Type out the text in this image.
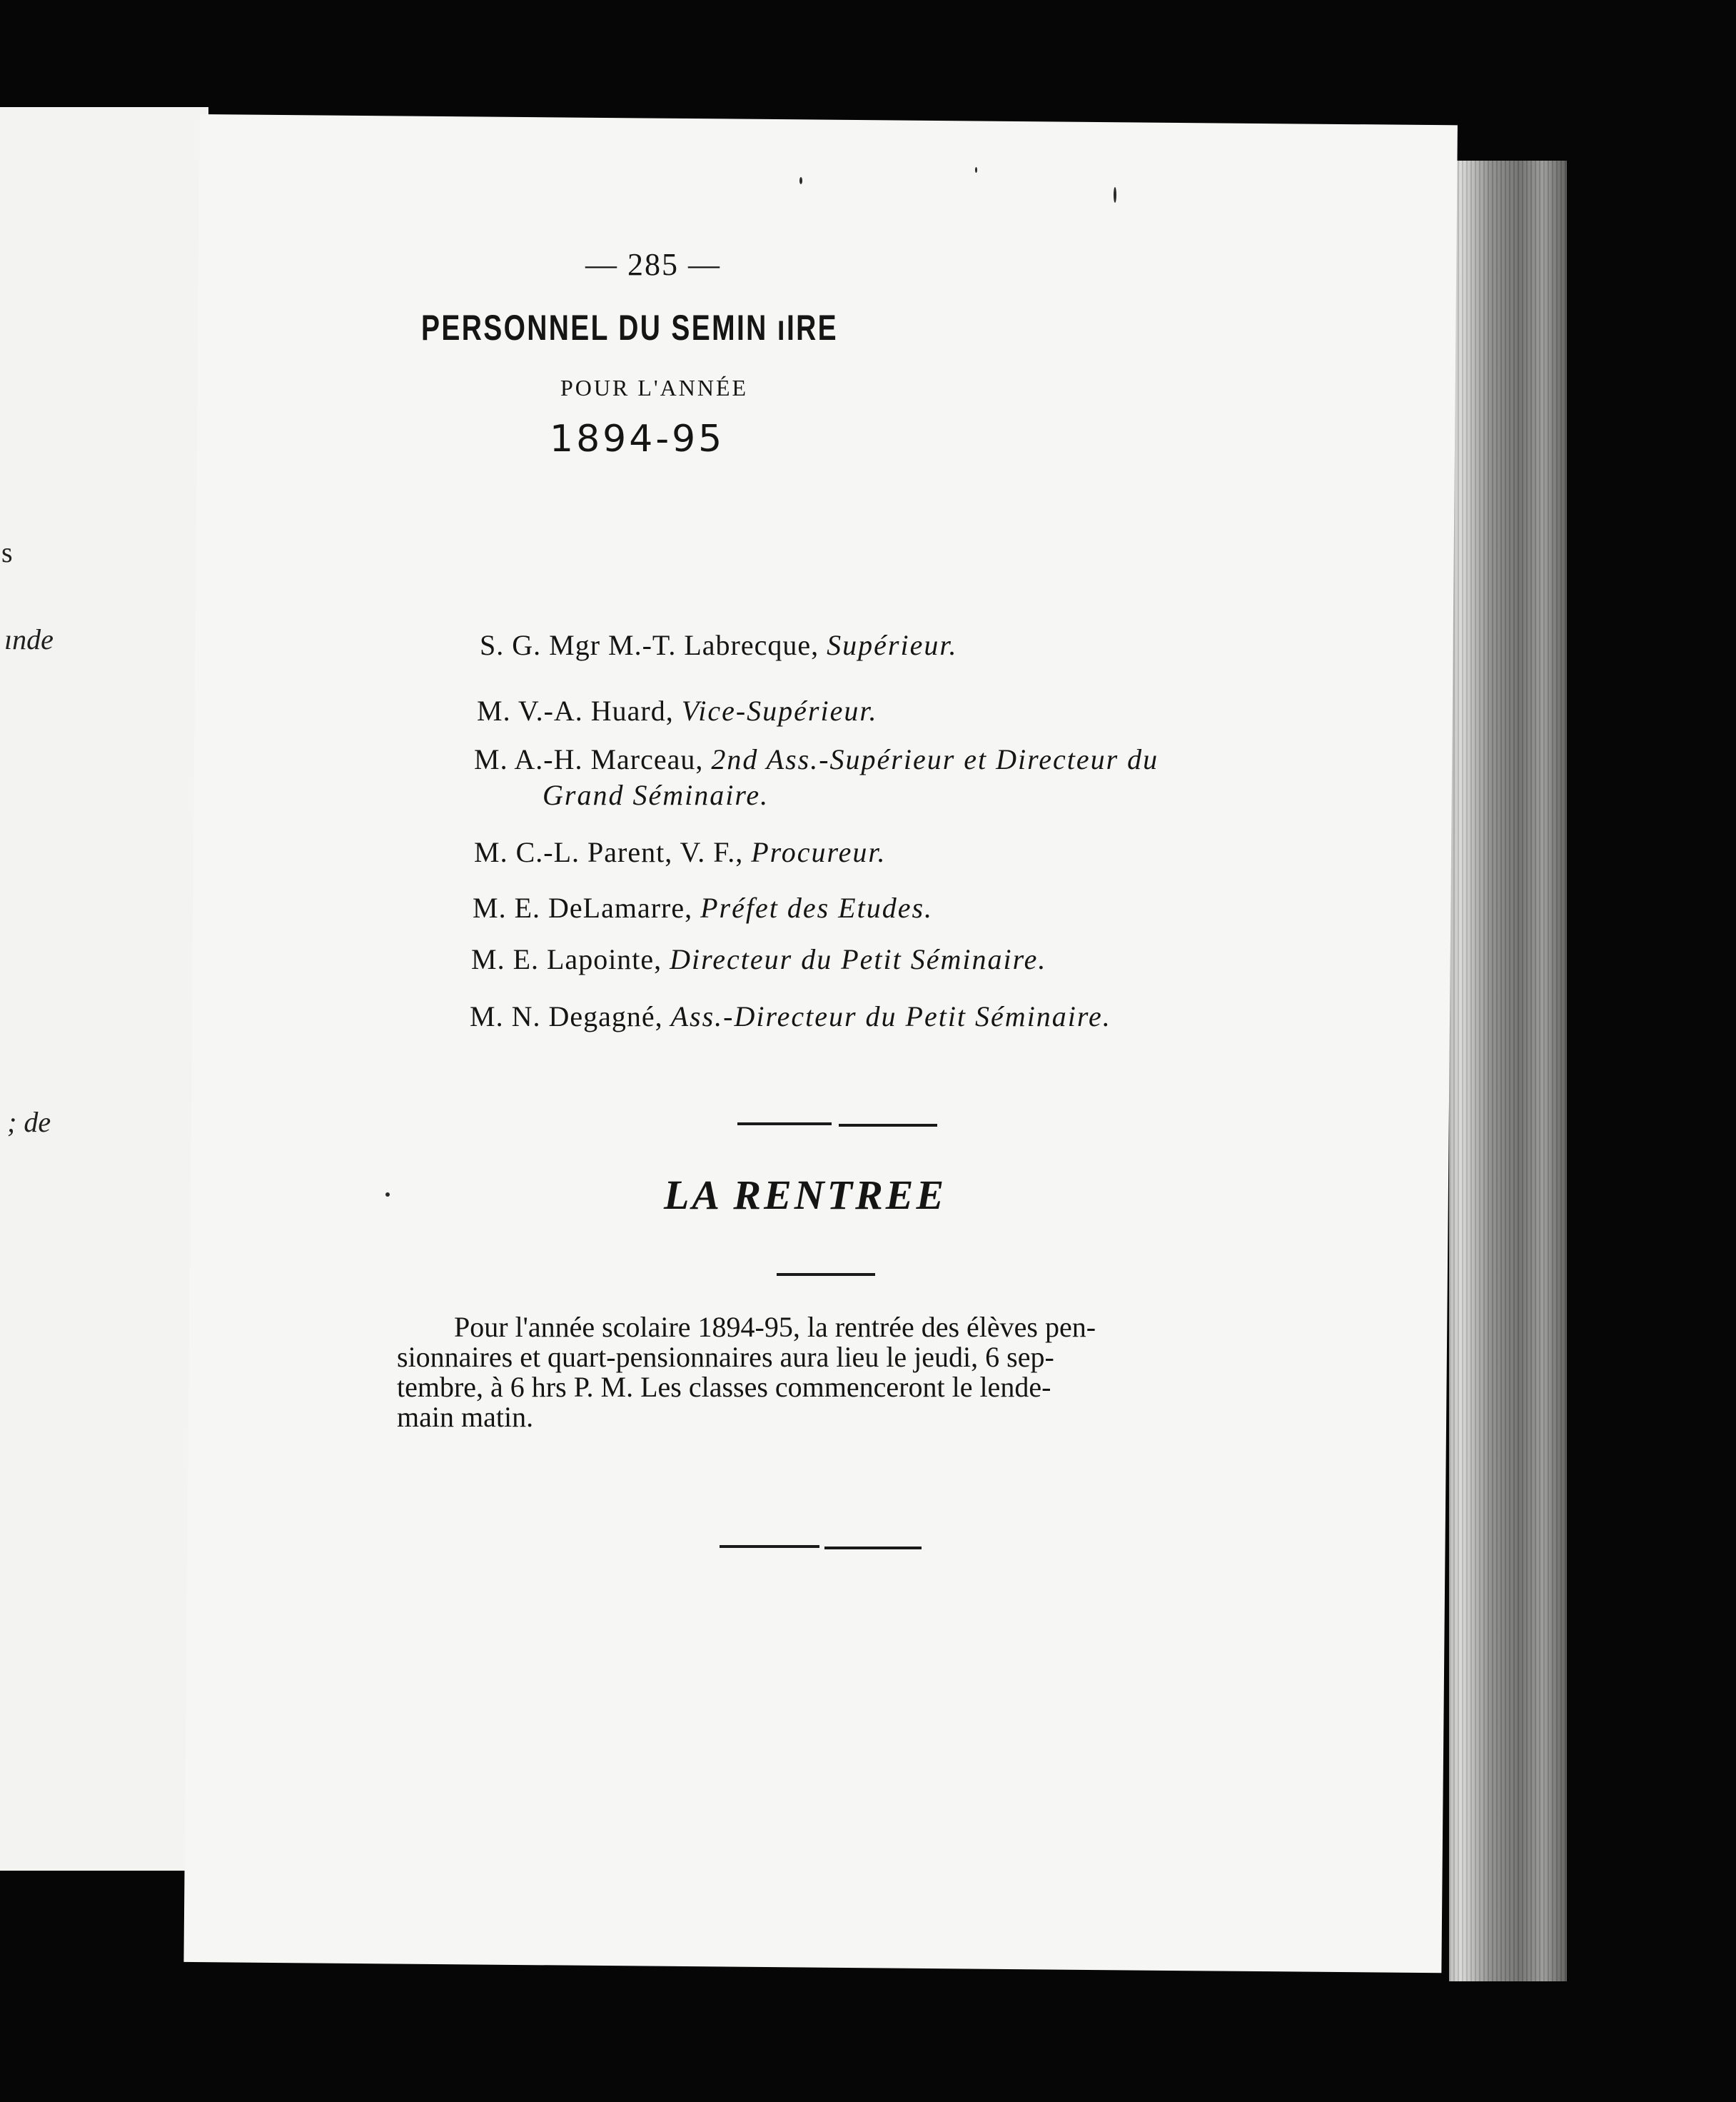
s
ınde
; de
— 285 —
PERSONNEL DU SEMIN ıIRE
POUR L'ANNÉE
1894-95
S. G. Mgr M.-T. Labrecque, Supérieur.
M. V.-A. Huard, Vice-Supérieur.
M. A.-H. Marceau, 2nd Ass.-Supérieur et Directeur du
Grand Séminaire.
M. C.-L. Parent, V. F., Procureur.
M. E. DeLamarre, Préfet des Etudes.
M. E. Lapointe, Directeur du Petit Séminaire.
M. N. Degagné, Ass.-Directeur du Petit Séminaire.
LA RENTREE
Pour l'année scolaire 1894-95, la rentrée des élèves pen-
sionnaires et quart-pensionnaires aura lieu le jeudi, 6 sep-
tembre, à 6 hrs P. M. Les classes commenceront le lende-
main matin.
